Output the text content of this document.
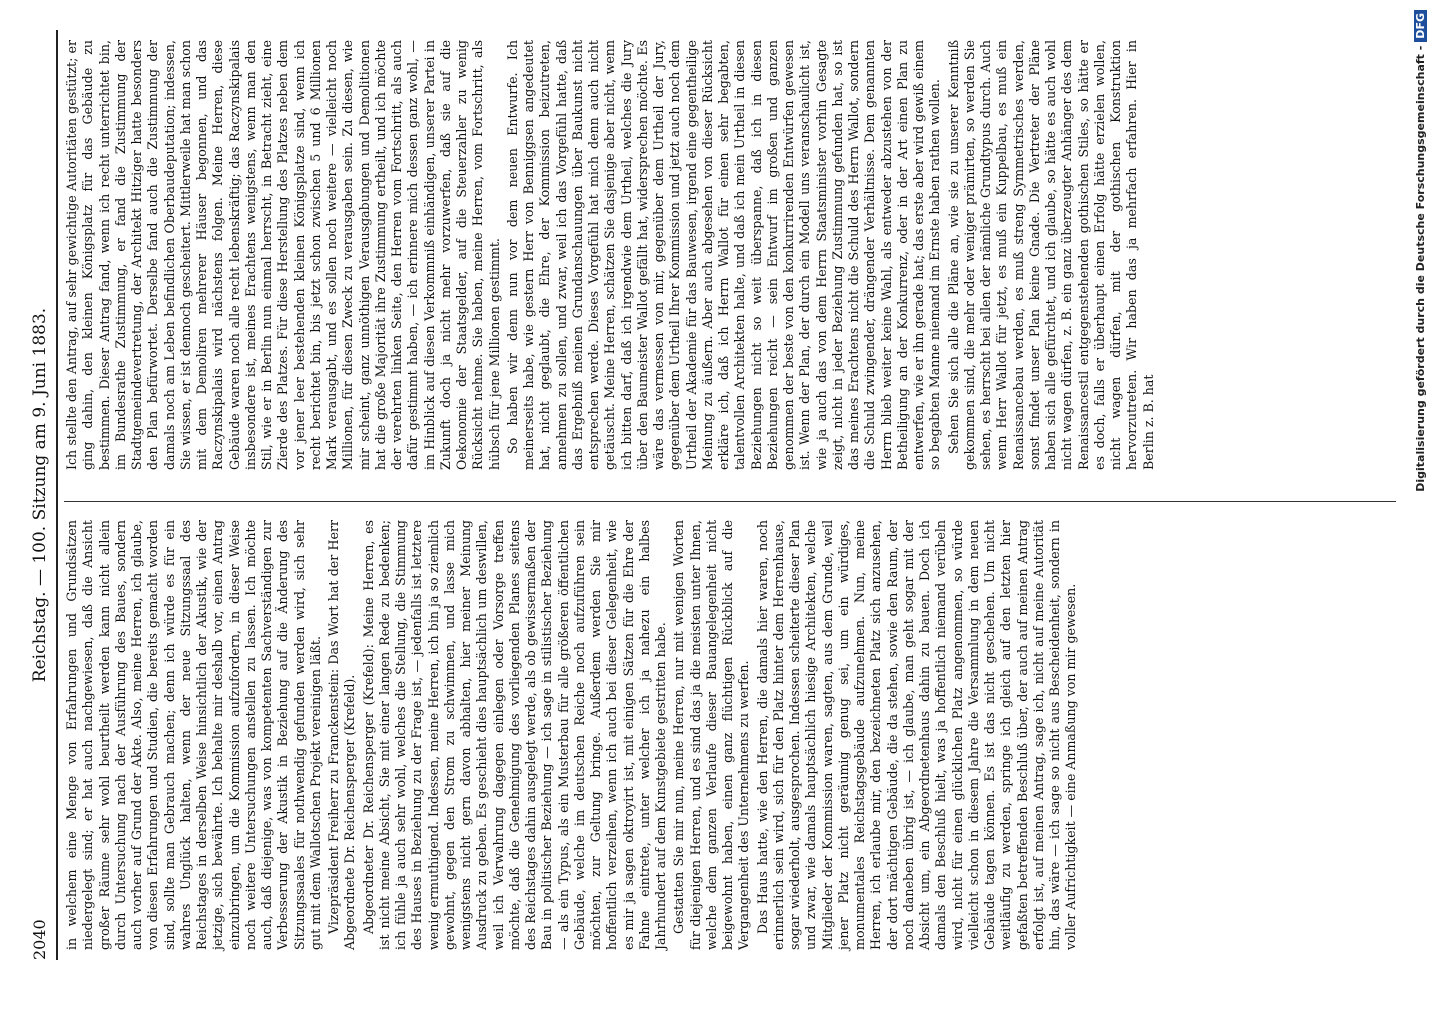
2040
Reichstag. — 100. Sitzung am 9. Juni 1883.

in welchem eine Menge von Erfahrungen und Grundsätzen niedergelegt sind; er hat auch nachgewiesen, daß die Ansicht großer Räume sehr wohl beurtheilt werden kann nicht allein durch Untersuchung nach der Ausführung des Baues, sondern auch vorher auf Grund der Akte. Also, meine Herren, ich glaube, von diesen Erfahrungen und Studien, die bereits gemacht worden sind, sollte man Gebrauch machen; denn ich würde es für ein wahres Unglück halten, wenn der neue Sitzungssaal des Reichstages in derselben Weise hinsichtlich der Akustik, wie der jetzige, sich bewährte. Ich behalte mir deshalb vor, einen Antrag einzubringen, um die Kommission aufzufordern, in dieser Weise noch weitere Untersuchungen anstellen zu lassen. Ich möchte auch, daß diejenige, was von kompetenten Sachverständigen zur Verbesserung der Akustik in Beziehung auf die Änderung des Sitzungssaales für nothwendig gefunden werden wird, sich sehr gut mit dem Wallotschen Projekt vereinigen läßt. Vizepräsident Freiherr zu Franckenstein: Das Wort hat der Herr Abgeordnete Dr. Reichensperger (Krefeld). Abgeordneter Dr. Reichensperger (Krefeld): Meine Herren, es ist nicht meine Absicht, Sie mit einer langen Rede zu bedenken; ich fühle ja auch sehr wohl, welches die Stellung, die Stimmung des Hauses in Beziehung zu der Frage ist, — jedenfalls ist letztere wenig ermuthigend. Indessen, meine Herren, ich bin ja so ziemlich gewohnt, gegen den Strom zu schwimmen, und lasse mich wenigstens nicht gern davon abhalten, hier meiner Meinung Ausdruck zu geben. Es geschieht dies hauptsächlich um deswillen, weil ich Verwahrung dagegen einlegen oder Vorsorge treffen möchte, daß die Genehmigung des vorliegenden Planes seitens des Reichstages dahin ausgelegt werde, als ob gewissermaßen der Bau in politischer Beziehung — ich sage in stilistischer Beziehung — als ein Typus, als ein Musterbau für alle größeren öffentlichen Gebäude, welche im deutschen Reiche noch aufzuführen sein möchten, zur Geltung bringe. Außerdem werden Sie mir hoffentlich verzeihen, wenn ich auch bei dieser Gelegenheit, wie es mir ja sagen oktroyirt ist, mit einigen Sätzen für die Ehre der Fahne eintrete, unter welcher ich ja nahezu ein halbes Jahrhundert auf dem Kunstgebiete gestritten habe. Gestatten Sie mir nun, meine Herren, nur mit wenigen Worten für diejenigen Herren, und es sind das ja die meisten unter Ihnen, welche dem ganzen Verlaufe dieser Bauangelegenheit nicht beigewohnt haben, einen ganz flüchtigen Rückblick auf die Vergangenheit des Unternehmens zu werfen. Das Haus hatte, wie den Herren, die damals hier waren, noch erinnerlich sein wird, sich für den Platz hinter dem Herrenhause, sogar wiederholt, ausgesprochen. Indessen scheiterte dieser Plan und zwar, wie damals hauptsächlich hiesige Architekten, welche Mitglieder der Kommission waren, sagten, aus dem Grunde, weil jener Platz nicht geräumig genug sei, um ein würdiges, monumentales Reichstagsgebäude aufzunehmen. Nun, meine Herren, ich erlaube mir, den bezeichneten Platz sich anzusehen, der dort mächtigen Gebäude, die da stehen, sowie den Raum, der noch daneben übrig ist, — ich glaube, man geht sogar mit der Absicht um, ein Abgeordnetenhaus dahin zu bauen. Doch ich damals den Beschluß hielt, was ja hoffentlich niemand verübeln wird, nicht für einen glücklichen Platz angenommen, so würde vielleicht schon in diesem Jahre die Versammlung in dem neuen Gebäude tagen können. Es ist das nicht geschehen. Um nicht weitläufig zu werden, springe ich gleich auf den letzten hier gefaßten betreffenden Beschluß über, der auch auf meinen Antrag erfolgt ist, auf meinen Antrag, sage ich, nicht auf meine Autorität hin, das wäre — ich sage so nicht aus Bescheidenheit, sondern in voller Aufrichtigkeit — eine Anmaßung von mir gewesen.

Ich stellte den Antrag, auf sehr gewichtige Autoritäten gestützt; er ging dahin, den kleinen Königsplatz für das Gebäude zu bestimmen. Dieser Antrag fand, wenn ich recht unterrichtet bin, im Bundesrathe Zustimmung, er fand die Zustimmung der Stadtgemeindevertretung, der Architekt Hitziger hatte besonders den Plan befürwortet. Derselbe fand auch die Zustimmung der damals noch am Leben befindlichen Oberbaudeputation; indessen, Sie wissen, er ist dennoch gescheitert. Mittlerweile hat man schon mit dem Demoliren mehrerer Häuser begonnen, und das Raczynskipalais wird nächstens folgen. Meine Herren, diese Gebäude waren noch alle recht lebenskräftig; das Raczynskipalais insbesondere ist, meines Erachtens wenigstens, wenn man den Stil, wie er in Berlin nun einmal herrscht, in Betracht zieht, eine Zierde des Platzes. Für diese Herstellung des Platzes neben dem vor jener leer bestehenden kleinen Königsplatze sind, wenn ich recht berichtet bin, bis jetzt schon zwischen 5 und 6 Millionen Mark verausgabt, und es sollen noch weitere — vielleicht noch Millionen, für diesen Zweck zu verausgaben sein. Zu diesen, wie mir scheint, ganz unnöthigen Verausgabungen und Demolitionen hat die große Majorität ihre Zustimmung ertheilt, und ich möchte der verehrten linken Seite, den Herren vom Fortschritt, als auch dafür gestimmt haben, — ich erinnere mich dessen ganz wohl, — im Hinblick auf diesen Verkommniß einhändigen, unserer Partei in Zukunft doch ja nicht mehr vorzuwerfen, daß sie auf die Oekonomie der Staatsgelder, auf die Steuerzahler zu wenig Rücksicht nehme. Sie haben, meine Herren, vom Fortschritt, als hübsch für jene Millionen gestimmt. So haben wir denn nun vor dem neuen Entwurfe. Ich meinerseits habe, wie gestern Herr von Benniggsen angedeutet hat, nicht geglaubt, die Ehre, der Kommission beizutreten, annehmen zu sollen, und zwar, weil ich das Vorgefühl hatte, daß das Ergebniß meinen Grundanschauungen über Baukunst nicht entsprechen werde. Dieses Vorgefühl hat mich denn auch nicht getäuscht. Meine Herren, schätzen Sie dasjenige aber nicht, wenn ich bitten darf, daß ich irgendwie dem Urtheil, welches die Jury über den Baumeister Wallot gefällt hat, widersprechen möchte. Es wäre das vermessen von mir, gegenüber dem Urtheil der Jury, gegenüber dem Urtheil Ihrer Kommission und jetzt auch noch dem Urtheil der Akademie für das Bauwesen, irgend eine gegentheilige Meinung zu äußern. Aber auch abgesehen von dieser Rücksicht erkläre ich, daß ich Herrn Wallot für einen sehr begabten, talentvollen Architekten halte, und daß ich mein Urtheil in diesen Beziehungen nicht so weit überspanne, daß ich in diesen Beziehungen reicht — sein Entwurf im großen und ganzen genommen der beste von den konkurrirenden Entwürfen gewesen ist. Wenn der Plan, der durch ein Modell uns veranschaulicht ist, wie ja auch das von dem Herrn Staatsminister vorhin Gesagte zeigt, nicht in jeder Beziehung Zustimmung gefunden hat, so ist das meines Erachtens nicht die Schuld des Herrn Wallot, sondern die Schuld zwingender, drängender Verhältnisse. Dem genannten Herrn blieb weiter keine Wahl, als entweder abzustehen von der Betheiligung an der Konkurrenz, oder in der Art einen Plan zu entwerfen, wie er ihn gerade hat; das erste aber wird gewiß einem so begabten Manne niemand im Ernste haben rathen wollen. Sehen Sie sich alle die Pläne an, wie sie zu unserer Kenntniß gekommen sind, die mehr oder weniger prämirten, so werden Sie sehen, es herrscht bei allen der nämliche Grundtypus durch. Auch wenn Herr Wallot für jetzt, es muß ein Kuppelbau, es muß ein Renaissancebau werden, es muß streng Symmetrisches werden, sonst findet unser Plan keine Gnade. Die Vertreter der Pläne haben sich alle gefürchtet, und ich glaube, so hätte es auch wohl nicht wagen dürfen, z. B. ein ganz überzeugter Anhänger des dem Renaissancestil entgegenstehenden gothischen Stiles, so hätte er es doch, falls er überhaupt einen Erfolg hätte erzielen wollen, nicht wagen dürfen, mit der gothischen Konstruktion hervorzutreten. Wir haben das ja mehrfach erfahren. Hier in Berlin z. B. hat	Digitalisierung gefördert durch die Deutsche Forschungsgemeinschaft -DFG
